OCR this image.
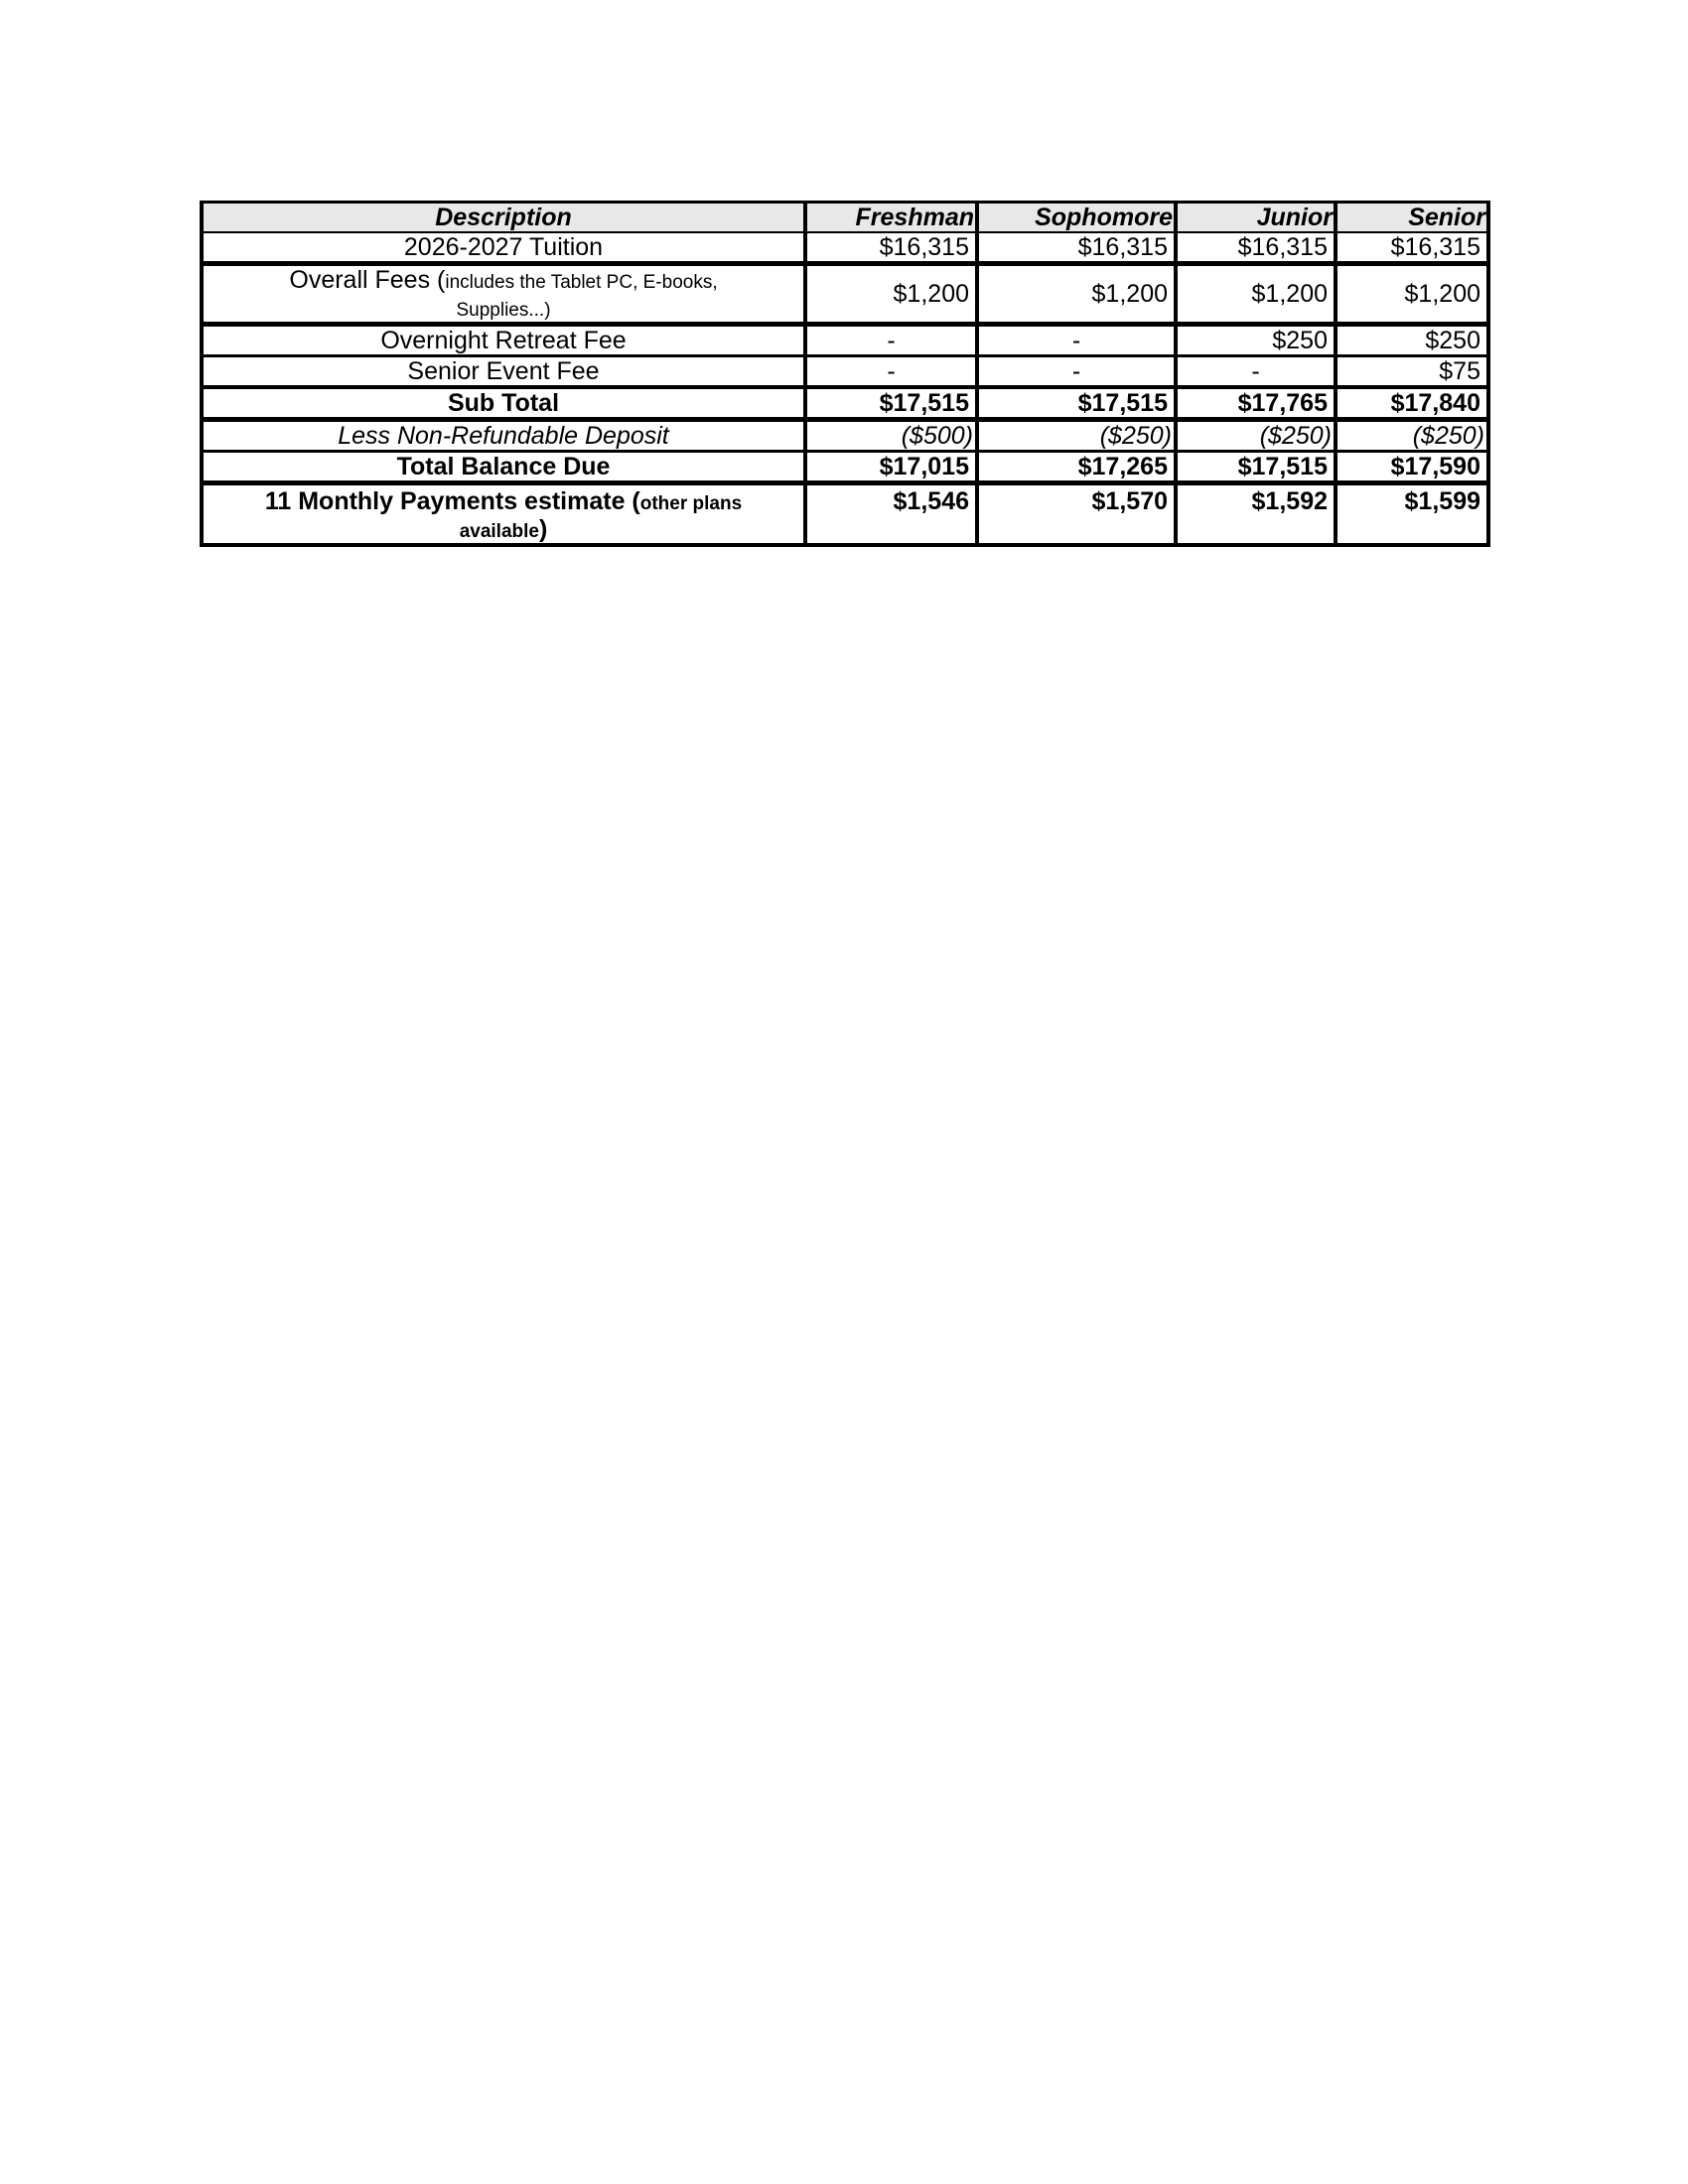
Description	Freshman	Sophomore	Junior	Senior
2026-2027 Tuition	$16,315	$16,315	$16,315	$16,315
Overall Fees (includes the Tablet PC, E-books,
Supplies...)	$1,200	$1,200	$1,200	$1,200
Overnight Retreat Fee	-	-	$250	$250
Senior Event Fee	-	-	-	$75
Sub Total	$17,515	$17,515	$17,765	$17,840
Less Non-Refundable Deposit	($500)	($250)	($250)	($250)
Total Balance Due	$17,015	$17,265	$17,515	$17,590
11 Monthly Payments estimate (other plans
available)	$1,546	$1,570	$1,592	$1,599
